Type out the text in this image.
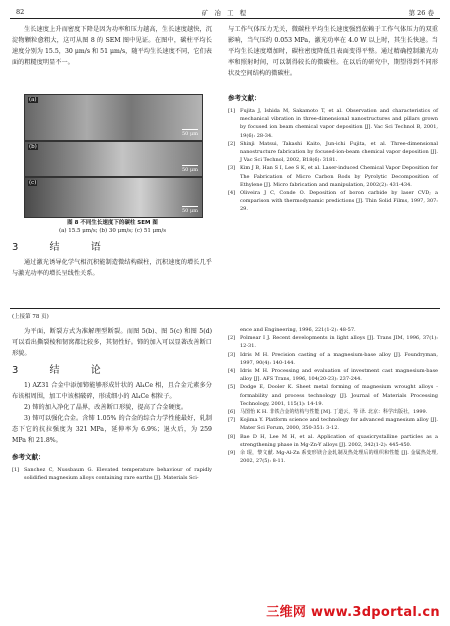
82	矿 冶 工 程	第 26 卷

生长速度上升而密度下降是因为功率和压力越高，生长速度越快，沉淀物颗粒愈粗大，这可从图 8 的 SEM 图中见证。在图中，碳柱平均长速度分别为 15.5，30 μm/s 和 51 μm/s，随平均生长速度不同，它们表面的粗糙度明显不一。

(a)
50 μm
(b)
50 μm
(c)
50 μm
图 8 不同生长速度下的碳柱 SEM 图
(a) 15.5 μm/s; (b) 30 μm/s; (c) 51 μm/s
3 结 语

通过激光诱导化学气相沉积能制造微结构碳柱，沉积速度的增长几乎与激光功率的增长呈线性关系。

与工作气体压力无关，微碳柱平均生长速度强烈依赖于工作气体压力的双重影响，当气压约 0.053 MPa，激光功率在 4.0 W 以上时，其生长快速。当平均生长速度增加时，碳柱密度降低且表面变得平整。通过精确控制激光功率和照射时间，可以制得较长的微碳柱。在以后的研究中，期望得到不同形状及空间结构的微碳柱。

参考文献：
[1] Fujita J, Ishida M, Sakamoto T, et al. Observation and characteristics of mechanical vibration in three-dimensional nanostructures and pillars grown by focused ion beam chemical vapor deposition [J]. Vac Sci Technol B, 2001, 19(6): 28-34.
[2] Shinji Matsui, Takashi Kaito, Jun-ichi Fujita, et al. Three-dimensional nanostructure fabrication by focused-ion-beam chemical vapor deposition [J]. J Vac Sci Technol, 2002, B18(6): 3181.
[3] Kim J B, Han S I, Lee S K, et al. Laser-induced Chemical Vapor Deposition for The Fabrication of Micro Carbon Rods by Pyrolytic Decomposition of Ethylene [J]. Micro fabrication and manipulation, 2002(2): 431-434.
[4] Oliveira J C, Conde O. Deposition of boron carbide by laser CVD; a comparison with thermodynamic predictions [J]. Thin Solid Films, 1997, 307: 29.
(上接第 78 页)

为平面，断裂方式为准解理型断裂。而图 5(b)、图 5(c) 和图 5(d) 可以看出撕裂棱和韧窝都比较多，其韧性好。铈的加入可以显著改善断口形貌。

3 结 论

1) AZ31 合金中添加铈能够形成针状的 Al₄Ce 相，且合金元素多分布该相周围，加工中该相破碎，形成细小的 Al₄Ce 相粒子。

2) 铈的加入净化了晶界，改善断口形貌，提高了合金硬度。

3) 铈可以强化合金。含铈 1.05% 的合金的综合力学性能最好，轧制态下它的抗拉强度为 321 MPa，延伸率为 6.9%；退火后，为 259 MPa 和 21.8%。

参考文献：
[1] Sanchez C, Nussbaum G. Elevated temperature behaviour of rapidly solidified magnesium alloys containing rare earths [J]. Materials Sci-
ence and Engineering, 1996, 221(1-2): 48-57.
[2] Polmear I J. Recent developments in light alloys [J]. Trans JIM, 1996, 37(1): 12-31.
[3] Idris M H. Precision casting of a magnesium-base alloy [J]. Foundryman, 1997, 90(4): 140-144.
[4] Idris M H. Processing and evaluation of investment cast magnesium-base alloy [J]. AFS Trans, 1996, 104(20-23): 237-244.
[5] Dodge E, Dooler K. Sheet metal forming of magnesium wrought alloys - formability and process technology [J]. Journal of Materials Processing Technology, 2001, 115(1): 14-19.
[6] 马图怡 K H. 非铁合金的结构与性能 [M]. 丁道云，等 译. 北京：科学出版社，1999.
[7] Kojima Y. Platform science and technology for advanced magnesium alloy [J]. Mater Sci Forum, 2000, 350-351: 3-12.
[8] Bae D H, Lee M H, et al. Application of quasicrystalline particles as a strengthening phase in Mg-Zn-Y alloys [J]. 2002, 342(1-2): 445-450.
[9] 余 琨，黎文献. Mg-Al-Zn 系变形镁合金轧制及热处理后的组织和性能 [J]. 金属热处理, 2002, 27(5): 8-11.
三维网 www.3dportal.cn
